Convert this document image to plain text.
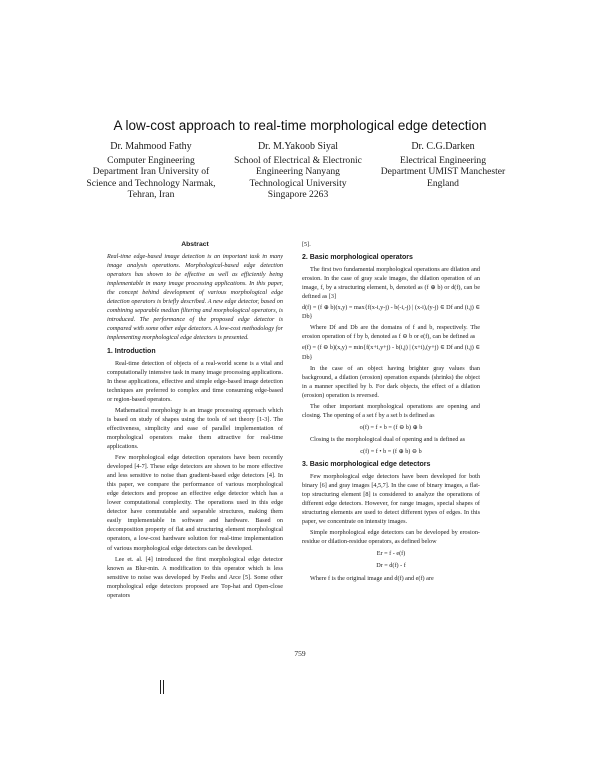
A low-cost approach to real-time morphological edge detection
Dr. Mahmood Fathy
Computer Engineering Department Iran University of Science and Technology Narmak, Tehran, Iran
Dr. M.Yakoob Siyal
School of Electrical & Electronic Engineering Nanyang Technological University Singapore 2263
Dr. C.G.Darken
Electrical Engineering Department UMIST Manchester England
Abstract
Real-time edge-based image detection is an important task in many image analysis operations. Morphological-based edge detection operators has shown to be effective as well as efficiently being implementable in many image processing applications. In this paper, the concept behind development of various morphological edge detection operators is briefly described. A new edge detector, based on combining separable median filtering and morphological operators, is introduced. The performance of the proposed edge detector is compared with some other edge detectors. A low-cost methodology for implementing morphological edge detectors is presented.
1. Introduction

Real-time detection of objects of a real-world scene is a vital and computationally intensive task in many image processing applications. In these applications, effective and simple edge-based image detection techniques are preferred to complex and time consuming edge-based or region-based operators.

Mathematical morphology is an image processing approach which is based on study of shapes using the tools of set theory [1-3]. The effectiveness, simplicity and ease of parallel implementation of morphological operators make them attractive for real-time applications.

Few morphological edge detection operators have been recently developed [4-7]. These edge detectors are shown to be more effective and less sensitive to noise than gradient-based edge detectors [4]. In this paper, we compare the performance of various morphological edge detectors and propose an effective edge detector which has a lower computational complexity. The operations used in this edge detector have commutable and separable structures, making them easily implementable in software and hardware. Based on decomposition property of flat and structuring element morphological operators, a low-cost hardware solution for real-time implementation of various morphological edge detectors can be developed.

Lee et. al. [4] introduced the first morphological edge detector known as Blur-min. A modification to this operator which is less sensitive to noise was developed by Feehs and Arce [5]. Some other morphological edge detectors proposed are Top-hat and Open-close operators

[5].

2. Basic morphological operators

The first two fundamental morphological operations are dilation and erosion. In the case of gray scale images, the dilation operation of an image, f, by a structuring element, b, denoted as (f ⊕ b) or d(f), can be defined as [3]

d(f) = (f ⊕ b)(x,y) = max{f(x-i,y-j) - b(-i,-j) | (x-i),(y-j) ∈ Df and (i,j) ∈ Db}

Where Df and Db are the domains of f and b, respectively. The erosion operation of f by b, denoted as f ⊖ b or e(f), can be defined as

e(f) = (f ⊖ b)(x,y) = min{f(x+i,y+j) - b(i,j) | (x+i),(y+j) ∈ Df and (i,j) ∈ Db}

In the case of an object having brighter gray values than background, a dilation (erosion) operation expands (shrinks) the object in a manner specified by b. For dark objects, the effect of a dilation (erosion) operation is reversed.

The other important morphological operations are opening and closing. The opening of a set f by a set b is defined as

o(f) = f ∘ b = (f ⊖ b) ⊕ b

Closing is the morphological dual of opening and is defined as

c(f) = f • b = (f ⊕ b) ⊖ b
3. Basic morphological edge detectors

Few morphological edge detectors have been developed for both binary [6] and gray images [4,5,7]. In the case of binary images, a flat-top structuring element [8] is considered to analyze the operations of different edge detectors. However, for range images, special shapes of structuring elements are used to detect different types of edges. In this paper, we concentrate on intensity images.

Simple morphological edge detectors can be developed by erosion-residue or dilation-residue operators, as defined below

Er = f - e(f)
Dr = d(f) - f

Where f is the original image and d(f) and e(f) are

759
